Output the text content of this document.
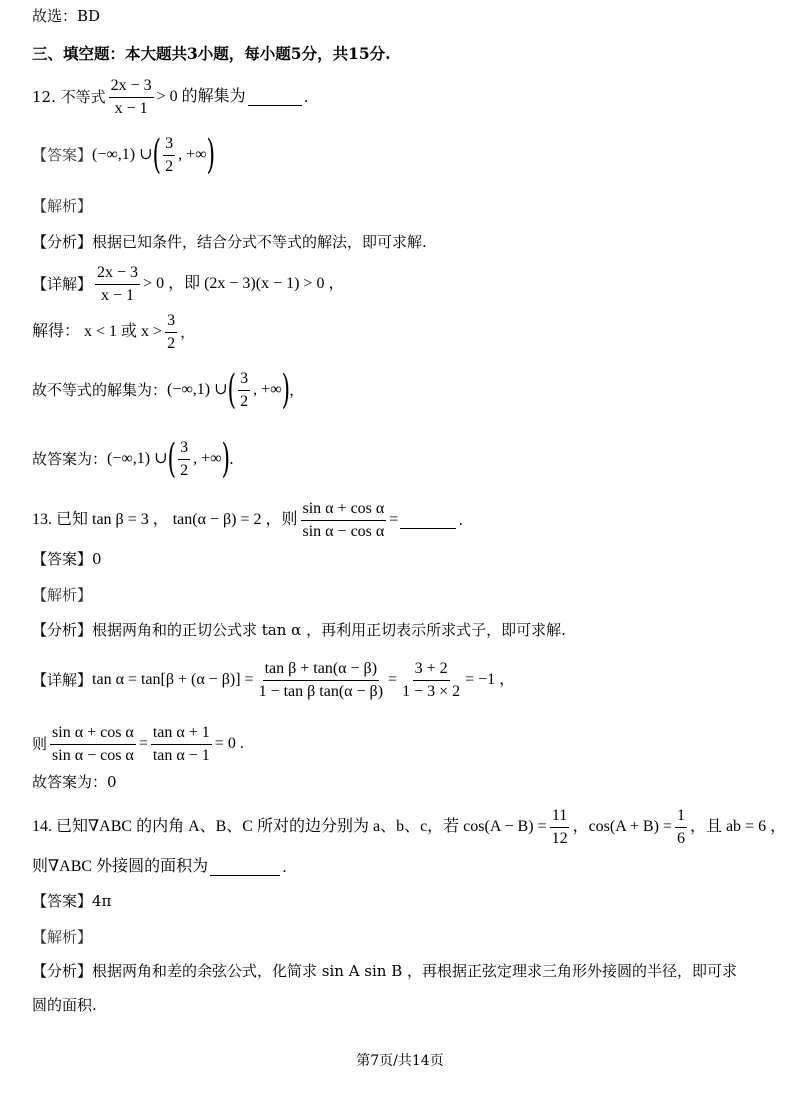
故选：BD
三、填空题：本大题共3小题，每小题5分，共15分.
12. 不等式 $\frac{2x - 3}{x - 1} > 0$ 的解集为	.
【答案】 (−∞,1) ∪ ( $\frac{3}{2}$ , +∞ )
【解析】
【分析】根据已知条件，结合分式不等式的解法，即可求解.
【详解】 $\frac{2x - 3}{x - 1} > 0$ ，即 (2x − 3)(x − 1) > 0 ，
解得： x < 1 或 $x > \frac{3}{2}$ ，
故不等式的解集为： (−∞,1) ∪ ( $\frac{3}{2}$ , +∞ ) ，
故答案为： (−∞,1) ∪ ( $\frac{3}{2}$ , +∞ ) .
13. 已知 tan β = 3 ， tan(α − β) = 2 ，则 $\frac{\text{sin α + cos α}}{\text{sin α − cos α}}$ =	.
【答案】0
【解析】
【分析】根据两角和的正切公式求 tan α ，再利用正切表示所求式子，即可求解.
【详解】 $\tan \alpha = \tan[\beta + (\alpha - \beta)] = \frac{\text{tan β + tan(α − β)}}{\text{1 − tan β tan(α − β)}} = \frac{3 + 2}{1 - 3 \times 2} = -1$ ，
则 $\frac{\text{sin α + cos α}}{\text{sin α − cos α}} = \frac{\text{tan α + 1}}{\text{tan α − 1}} = 0$ .
故答案为：0
14. 已知∇ABC 的内角 A、B、C 所对的边分别为 a、b、c，若 $\cos(A - B) = \frac{11}{12}$ ，$\cos(A + B) = \frac{1}{6}$ ，且 ab = 6 ，
则∇ABC 外接圆的面积为	.
【答案】4π
【解析】
【分析】根据两角和差的余弦公式，化简求 sin A sin B ，再根据正弦定理求三角形外接圆的半径，即可求
圆的面积.
第7页/共14页
